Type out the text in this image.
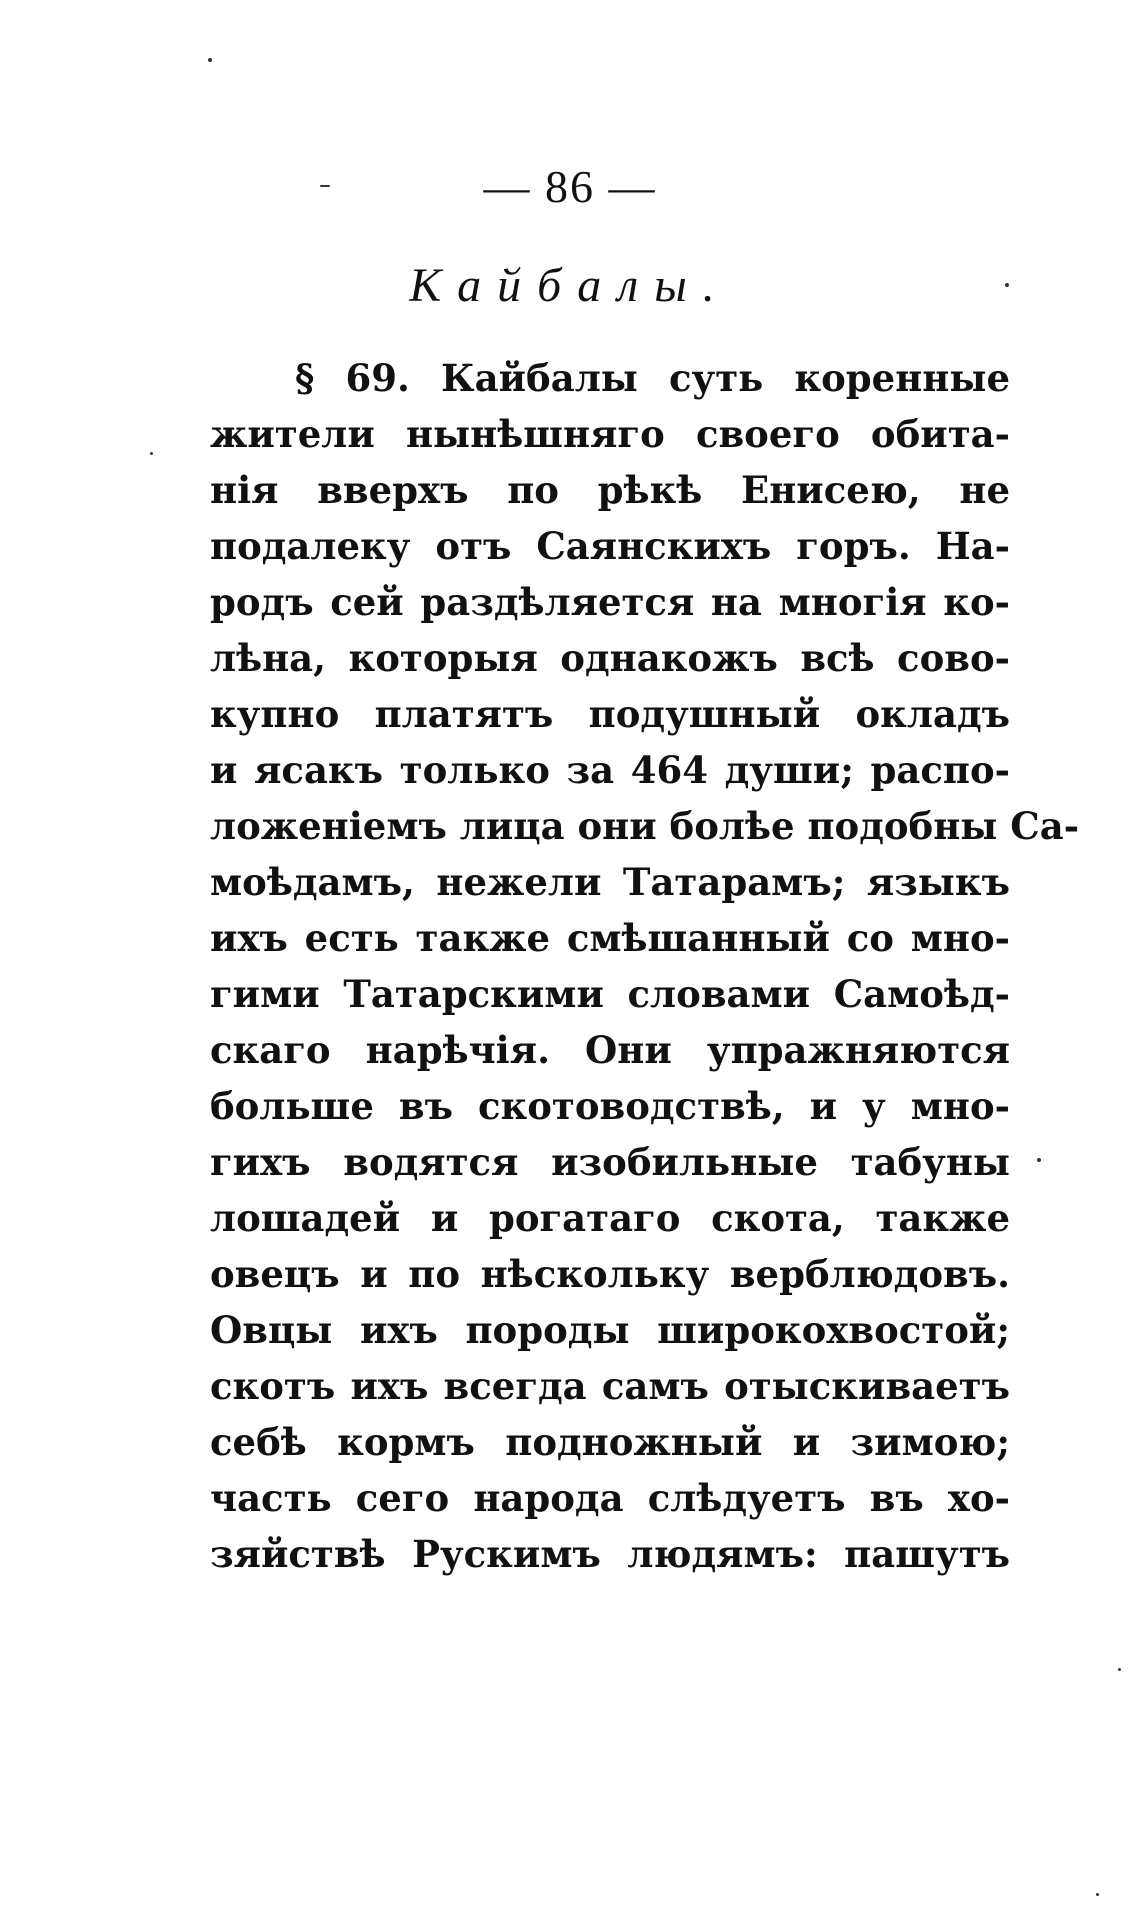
— 86 —
Кайбалы.
§ 69. Кайбалы суть коренные
жители нынѣшняго своего обита-
нія вверхъ по рѣкѣ Енисею, не
подалеку отъ Саянскихъ горъ. На-
родъ сей раздѣляется на многія ко-
лѣна, которыя однакожъ всѣ сово-
купно платятъ подушный окладъ
и ясакъ только за 464 души; распо-
ложеніемъ лица они болѣе подобны Са-
моѣдамъ, нежели Татарамъ; языкъ
ихъ есть также смѣшанный со мно-
гими Татарскими словами Самоѣд-
скаго нарѣчія. Они упражняются
больше въ скотоводствѣ, и у мно-
гихъ водятся изобильные табуны
лошадей и рогатаго скота, также
овецъ и по нѣскольку верблюдовъ.
Овцы ихъ породы широкохвостой;
скотъ ихъ всегда самъ отыскиваетъ
себѣ кормъ подножный и зимою;
часть сего народа слѣдуетъ въ хо-
зяйствѣ Рускимъ людямъ: пашутъ
